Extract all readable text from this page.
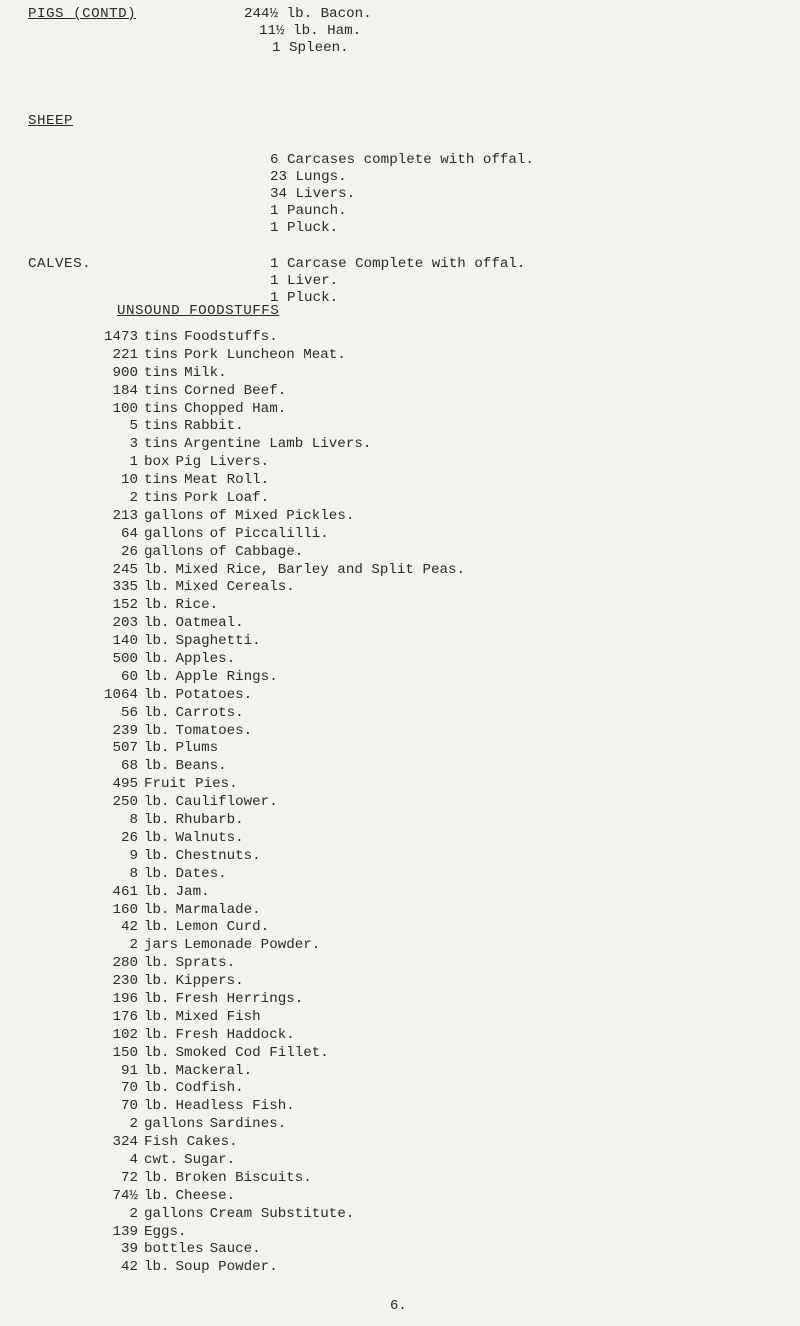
PIGS (CONTD)	244½ lb. Bacon.
11½ lb. Ham.
1 Spleen.
SHEEP
6 Carcases complete with offal.
23 Lungs.
34 Livers.
1 Paunch.
1 Pluck.
CALVES.	1 Carcase Complete with offal.
1 Liver.
1 Pluck.
UNSOUND FOODSTUFFS
1473 tins Foodstuffs.
221 tins Pork Luncheon Meat.
900 tins Milk.
184 tins Corned Beef.
100 tins Chopped Ham.
5 tins Rabbit.
3 tins Argentine Lamb Livers.
1 box Pig Livers.
10 tins Meat Roll.
2 tins Pork Loaf.
213 gallons of Mixed Pickles.
64 gallons of Piccalilli.
26 gallons of Cabbage.
245 lb. Mixed Rice, Barley and Split Peas.
335 lb. Mixed Cereals.
152 lb. Rice.
203 lb. Oatmeal.
140 lb. Spaghetti.
500 lb. Apples.
60 lb. Apple Rings.
1064 lb. Potatoes.
56 lb. Carrots.
239 lb. Tomatoes.
507 lb. Plums
68 lb. Beans.
495 Fruit Pies.
250 lb. Cauliflower.
8 lb. Rhubarb.
26 lb. Walnuts.
9 lb. Chestnuts.
8 lb. Dates.
461 lb. Jam.
160 lb. Marmalade.
42 lb. Lemon Curd.
2 jars Lemonade Powder.
280 lb. Sprats.
230 lb. Kippers.
196 lb. Fresh Herrings.
176 lb. Mixed Fish
102 lb. Fresh Haddock.
150 lb. Smoked Cod Fillet.
91 lb. Mackeral.
70 lb. Codfish.
70 lb. Headless Fish.
2 gallons Sardines.
324 Fish Cakes.
4 cwt. Sugar.
72 lb. Broken Biscuits.
74½ lb. Cheese.
2 gallons Cream Substitute.
139 Eggs.
39 bottles Sauce.
42 lb. Soup Powder.
6.
